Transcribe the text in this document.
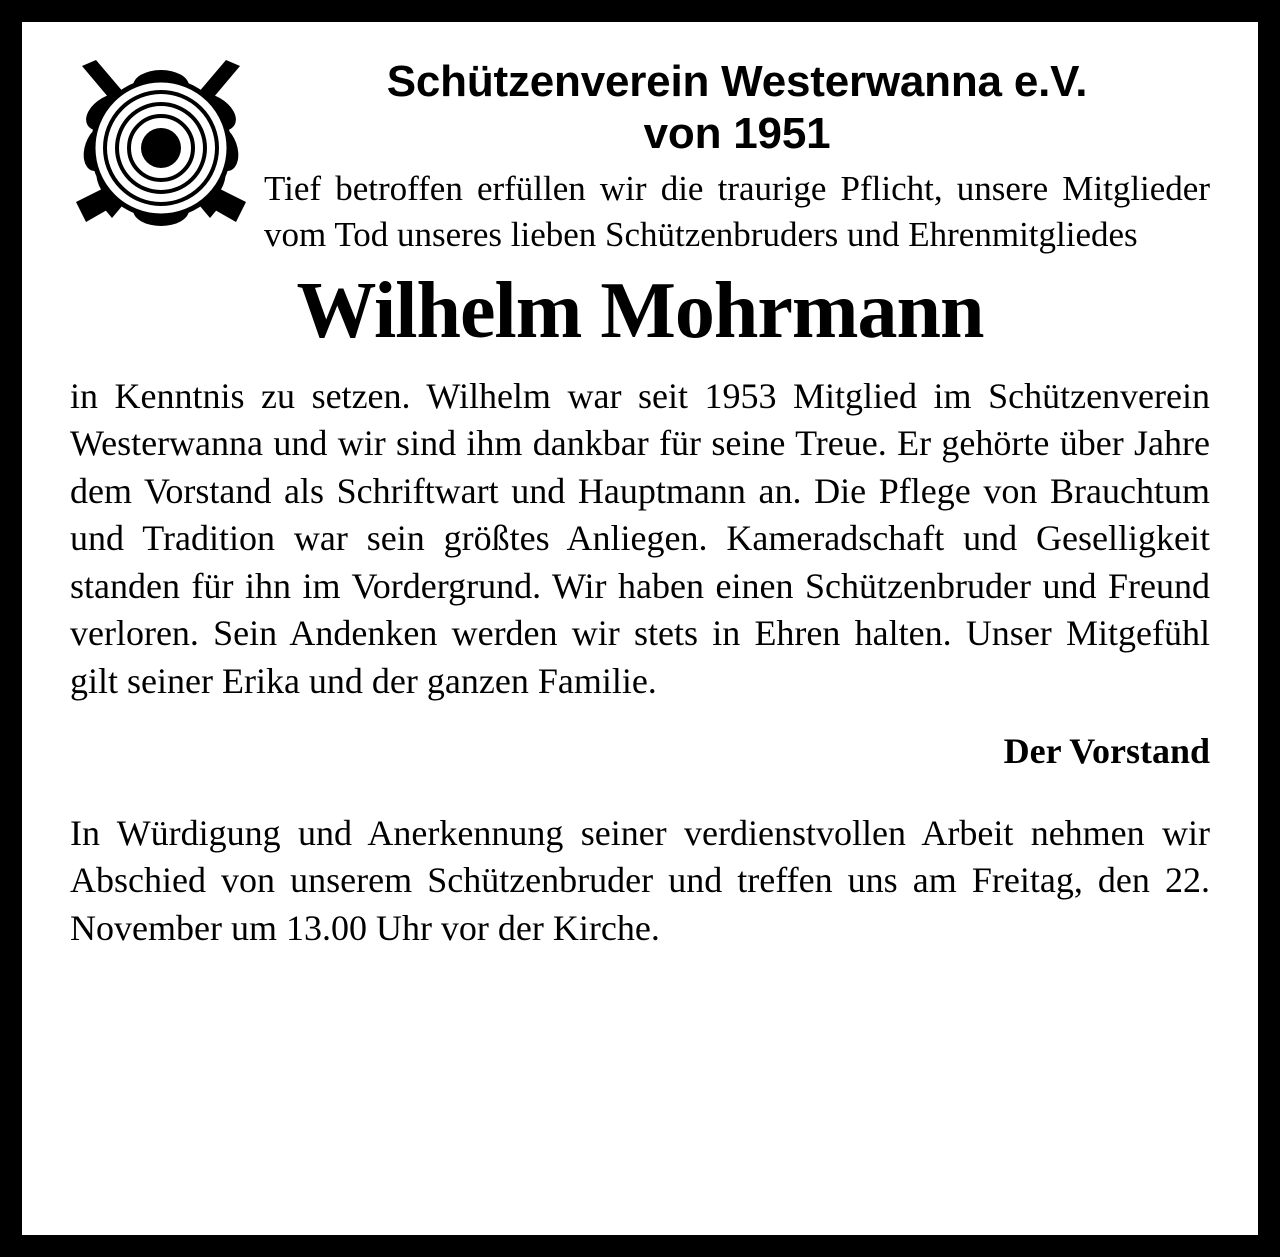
Schützenverein Westerwanna e.V.
von 1951

Tief betroffen erfüllen wir die traurige Pflicht, unsere Mitglieder vom Tod unseres lieben Schützenbruders und Ehrenmitgliedes

Wilhelm Mohrmann

in Kenntnis zu setzen. Wilhelm war seit 1953 Mitglied im Schützenverein Westerwanna und wir sind ihm dankbar für seine Treue. Er gehörte über Jahre dem Vorstand als Schriftwart und Hauptmann an. Die Pflege von Brauchtum und Tradition war sein größtes Anliegen. Kameradschaft und Geselligkeit standen für ihn im Vordergrund. Wir haben einen Schützenbruder und Freund verloren. Sein Andenken werden wir stets in Ehren halten. Unser Mitgefühl gilt seiner Erika und der ganzen Familie.

Der Vorstand

In Würdigung und Anerkennung seiner verdienstvollen Arbeit nehmen wir Abschied von unserem Schützenbruder und treffen uns am Freitag, den 22. November um 13.00 Uhr vor der Kirche.
